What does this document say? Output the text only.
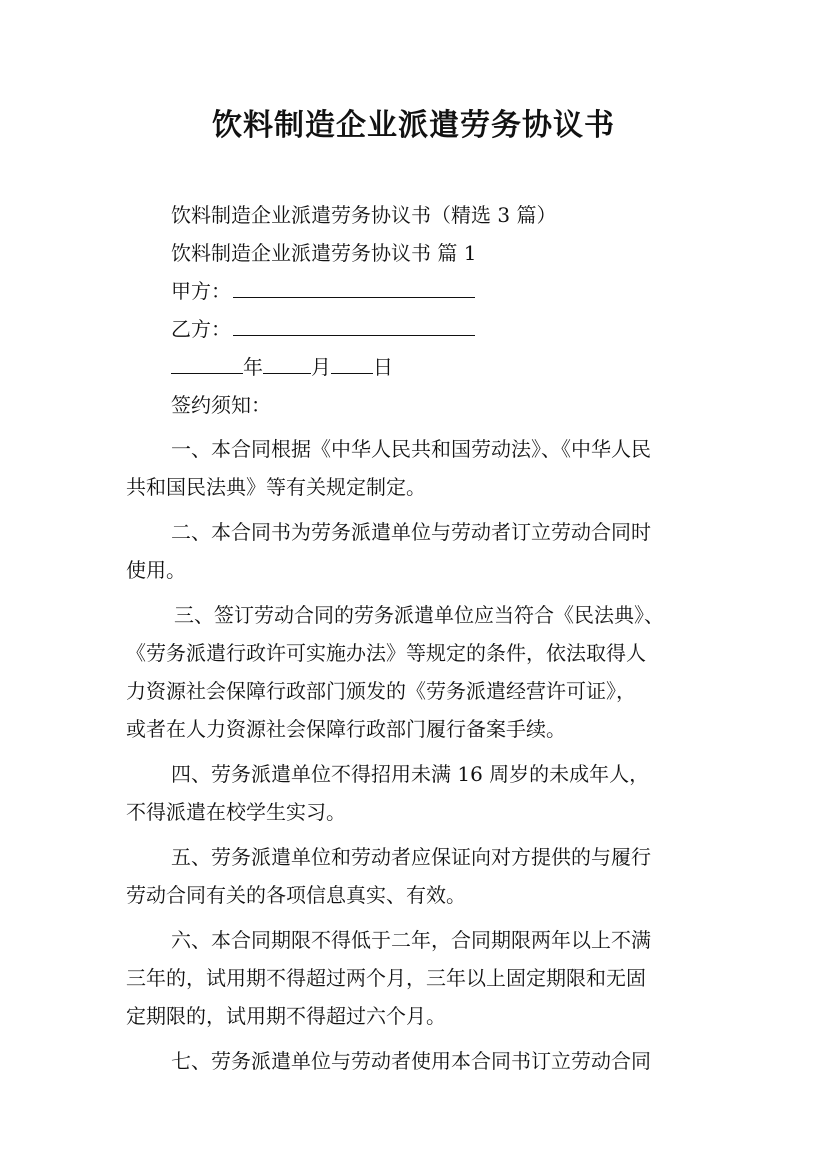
饮料制造企业派遣劳务协议书
饮料制造企业派遣劳务协议书（精选 3 篇）
饮料制造企业派遣劳务协议书 篇 1
甲方：
乙方：
年 月 日
签约须知：
一、本合同根据《中华人民共和国劳动法》、《中华人民
共和国民法典》等有关规定制定。
二、本合同书为劳务派遣单位与劳动者订立劳动合同时
使用。
三、签订劳动合同的劳务派遣单位应当符合《民法典》、
《劳务派遣行政许可实施办法》等规定的条件，依法取得人
力资源社会保障行政部门颁发的《劳务派遣经营许可证》，
或者在人力资源社会保障行政部门履行备案手续。
四、劳务派遣单位不得招用未满 16 周岁的未成年人，
不得派遣在校学生实习。
五、劳务派遣单位和劳动者应保证向对方提供的与履行
劳动合同有关的各项信息真实、有效。
六、本合同期限不得低于二年，合同期限两年以上不满
三年的，试用期不得超过两个月，三年以上固定期限和无固
定期限的，试用期不得超过六个月。
七、劳务派遣单位与劳动者使用本合同书订立劳动合同
